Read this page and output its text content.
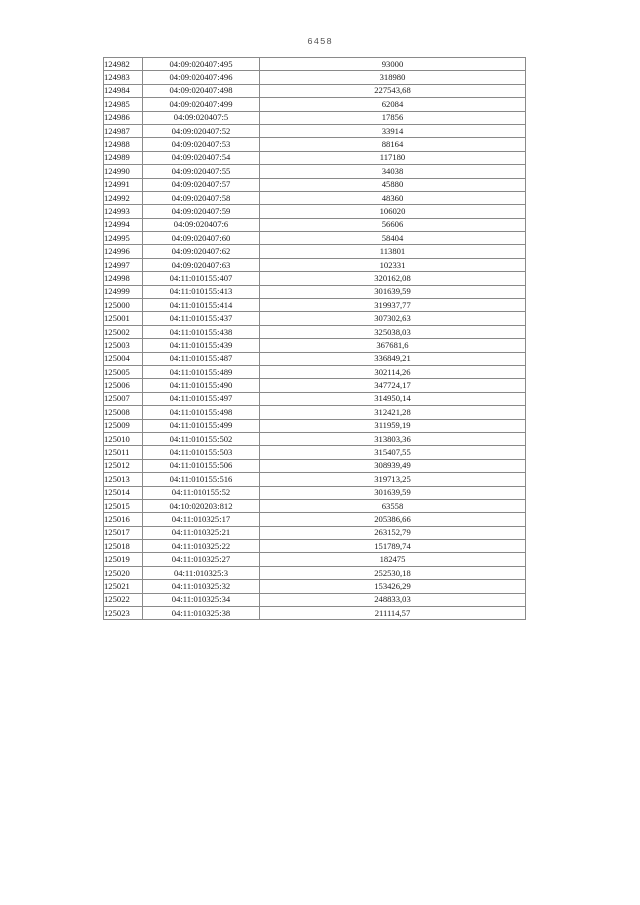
6458
124982	04:09:020407:495	93000
124983	04:09:020407:496	318980
124984	04:09:020407:498	227543,68
124985	04:09:020407:499	62084
124986	04:09:020407:5	17856
124987	04:09:020407:52	33914
124988	04:09:020407:53	88164
124989	04:09:020407:54	117180
124990	04:09:020407:55	34038
124991	04:09:020407:57	45880
124992	04:09:020407:58	48360
124993	04:09:020407:59	106020
124994	04:09:020407:6	56606
124995	04:09:020407:60	58404
124996	04:09:020407:62	113801
124997	04:09:020407:63	102331
124998	04:11:010155:407	320162,08
124999	04:11:010155:413	301639,59
125000	04:11:010155:414	319937,77
125001	04:11:010155:437	307302,63
125002	04:11:010155:438	325038,03
125003	04:11:010155:439	367681,6
125004	04:11:010155:487	336849,21
125005	04:11:010155:489	302114,26
125006	04:11:010155:490	347724,17
125007	04:11:010155:497	314950,14
125008	04:11:010155:498	312421,28
125009	04:11:010155:499	311959,19
125010	04:11:010155:502	313803,36
125011	04:11:010155:503	315407,55
125012	04:11:010155:506	308939,49
125013	04:11:010155:516	319713,25
125014	04:11:010155:52	301639,59
125015	04:10:020203:812	63558
125016	04:11:010325:17	205386,66
125017	04:11:010325:21	263152,79
125018	04:11:010325:22	151789,74
125019	04:11:010325:27	182475
125020	04:11:010325:3	252530,18
125021	04:11:010325:32	153426,29
125022	04:11:010325:34	248833,03
125023	04:11:010325:38	211114,57
